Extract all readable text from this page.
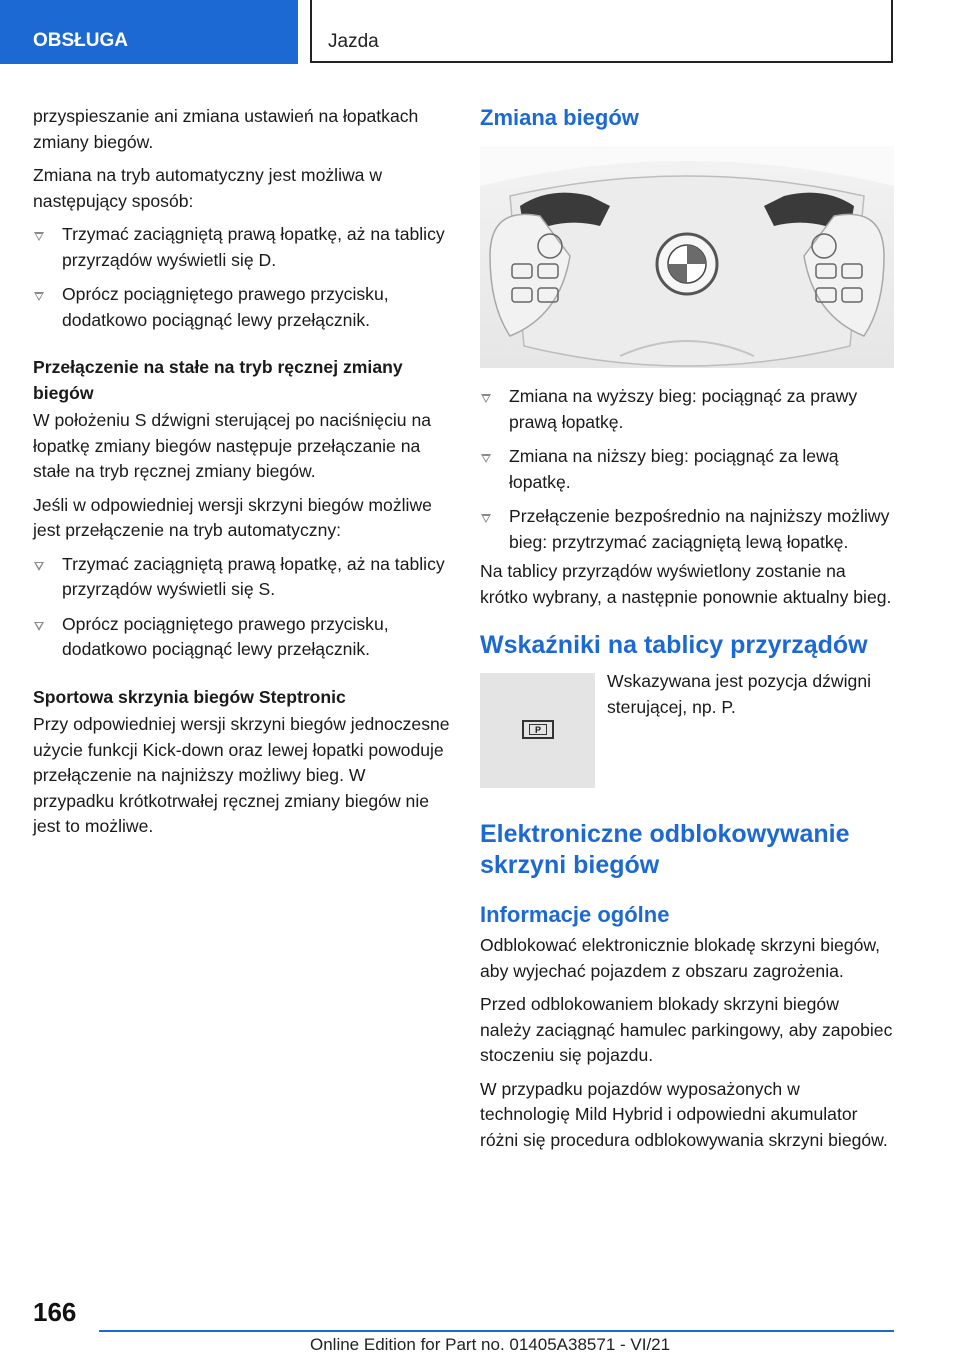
OBSŁUGA	Jazda

przyspieszanie ani zmiana ustawień na łopatkach zmiany biegów.

Zmiana na tryb automatyczny jest możliwa w następujący sposób:

Trzymać zaciągniętą prawą łopatkę, aż na tablicy przyrządów wyświetli się D.
Oprócz pociągniętego prawego przycisku, dodatkowo pociągnąć lewy przełącznik.
Przełączenie na stałe na tryb ręcznej zmiany biegów

W położeniu S dźwigni sterującej po naciśnięciu na łopatkę zmiany biegów następuje przełączanie na stałe na tryb ręcznej zmiany biegów.

Jeśli w odpowiedniej wersji skrzyni biegów możliwe jest przełączenie na tryb automatyczny:

Trzymać zaciągniętą prawą łopatkę, aż na tablicy przyrządów wyświetli się S.
Oprócz pociągniętego prawego przycisku, dodatkowo pociągnąć lewy przełącznik.
Sportowa skrzynia biegów Steptronic

Przy odpowiedniej wersji skrzyni biegów jednoczesne użycie funkcji Kick-down oraz lewej łopatki powoduje przełączenie na najniższy możliwy bieg. W przypadku krótkotrwałej ręcznej zmiany biegów nie jest to możliwe.

Zmiana biegów
Zmiana na wyższy bieg: pociągnąć za prawy prawą łopatkę.
Zmiana na niższy bieg: pociągnąć za lewą łopatkę.
Przełączenie bezpośrednio na najniższy możliwy bieg: przytrzymać zaciągniętą lewą łopatkę.

Na tablicy przyrządów wyświetlony zostanie na krótko wybrany, a następnie ponownie aktualny bieg.

Wskaźniki na tablicy przyrządów
P
Wskazywana jest pozycja dźwigni sterującej, np. P.
Elektroniczne odblokowywanie skrzyni biegów
Informacje ogólne

Odblokować elektronicznie blokadę skrzyni biegów, aby wyjechać pojazdem z obszaru zagrożenia.

Przed odblokowaniem blokady skrzyni biegów należy zaciągnąć hamulec parkingowy, aby zapobiec stoczeniu się pojazdu.

W przypadku pojazdów wyposażonych w technologię Mild Hybrid i odpowiedni akumulator różni się procedura odblokowywania skrzyni biegów.

166
Online Edition for Part no. 01405A38571 - VI/21
